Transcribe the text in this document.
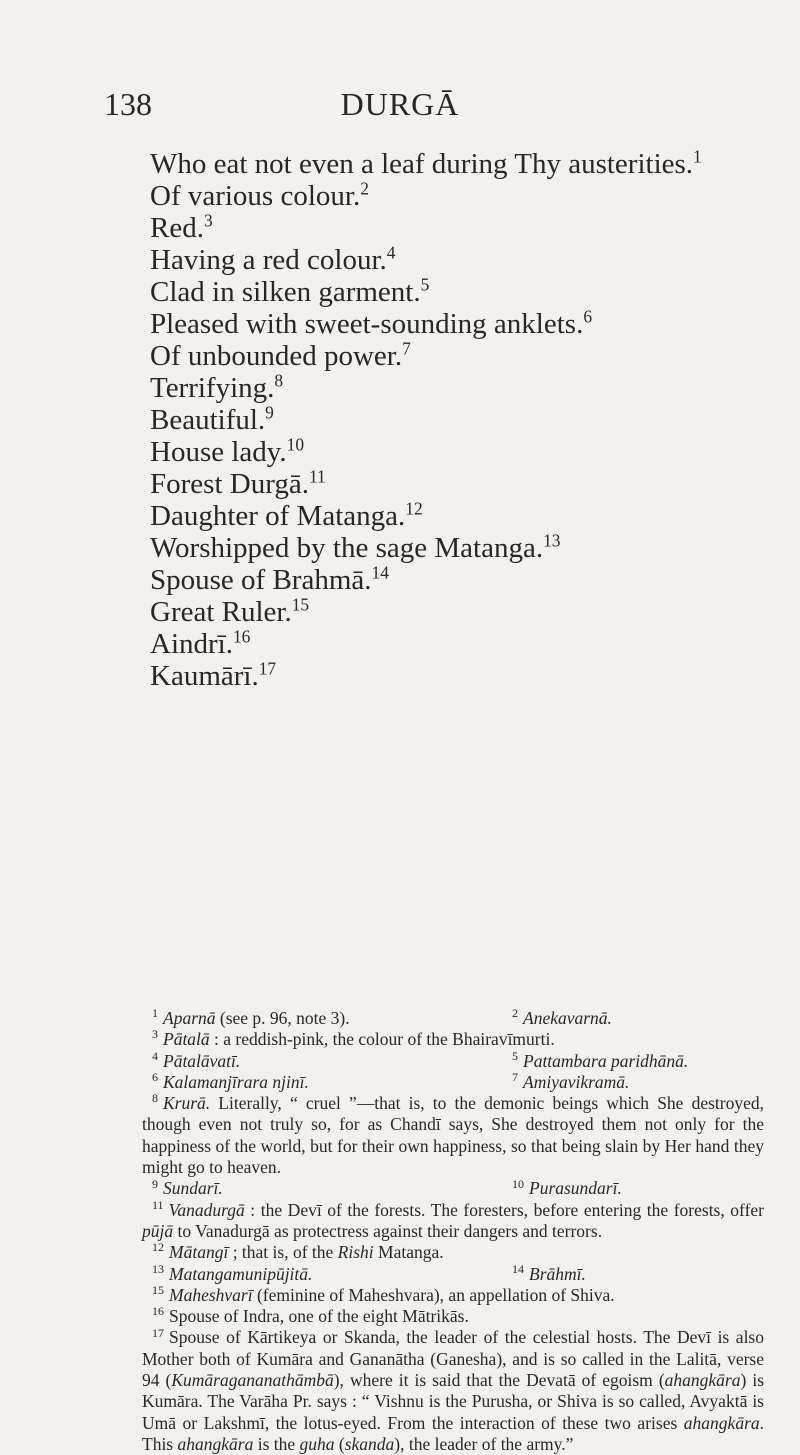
138	DURGĀ
Who eat not even a leaf during Thy austerities.$^1$
Of various colour.$^2$
Red.$^3$
Having a red colour.$^4$
Clad in silken garment.$^5$
Pleased with sweet-sounding anklets.$^6$
Of unbounded power.$^7$
Terrifying.$^8$
Beautiful.$^9$
House lady.$^{10}$
Forest Durgā.$^{11}$
Daughter of Matanga.$^{12}$
Worshipped by the sage Matanga.$^{13}$
Spouse of Brahmā.$^{14}$
Great Ruler.$^{15}$
Aindrī.$^{16}$
Kaumārī.$^{17}$
$^1$ Aparnā (see p. 96, note 3).	$^2$ Anekavarnā.
$^3$ Pātalā : a reddish-pink, the colour of the Bhairavīmurti.
$^4$ Pātalāvatī.	$^5$ Pattambara paridhānā.
$^6$ Kalamanjīrara njinī.	$^7$ Amiyavikramā.
$^8$ Krurā. Literally, “ cruel ”—that is, to the demonic beings which She destroyed, though even not truly so, for as Chandī says, She destroyed them not only for the happiness of the world, but for their own happiness, so that being slain by Her hand they might go to heaven.
$^9$ Sundarī.	$^{10}$ Purasundarī.
$^{11}$ Vanadurgā : the Devī of the forests. The foresters, before entering the forests, offer pūjā to Vanadurgā as protectress against their dangers and terrors.
$^{12}$ Mātangī ; that is, of the Rishi Matanga.
$^{13}$ Matangamunipūjitā.	$^{14}$ Brāhmī.
$^{15}$ Maheshvarī (feminine of Maheshvara), an appellation of Shiva.
$^{16}$ Spouse of Indra, one of the eight Mātrikās.
$^{17}$ Spouse of Kārtikeya or Skanda, the leader of the celestial hosts. The Devī is also Mother both of Kumāra and Gananātha (Ganesha), and is so called in the Lalitā, verse 94 (Kumāragananathāmbā), where it is said that the Devatā of egoism (ahangkāra) is Kumāra. The Varāha Pr. says : “ Vishnu is the Purusha, or Shiva is so called, Avyaktā is Umā or Lakshmī, the lotus-eyed. From the interaction of these two arises ahangkāra. This ahangkāra is the guha (skanda), the leader of the army.”
